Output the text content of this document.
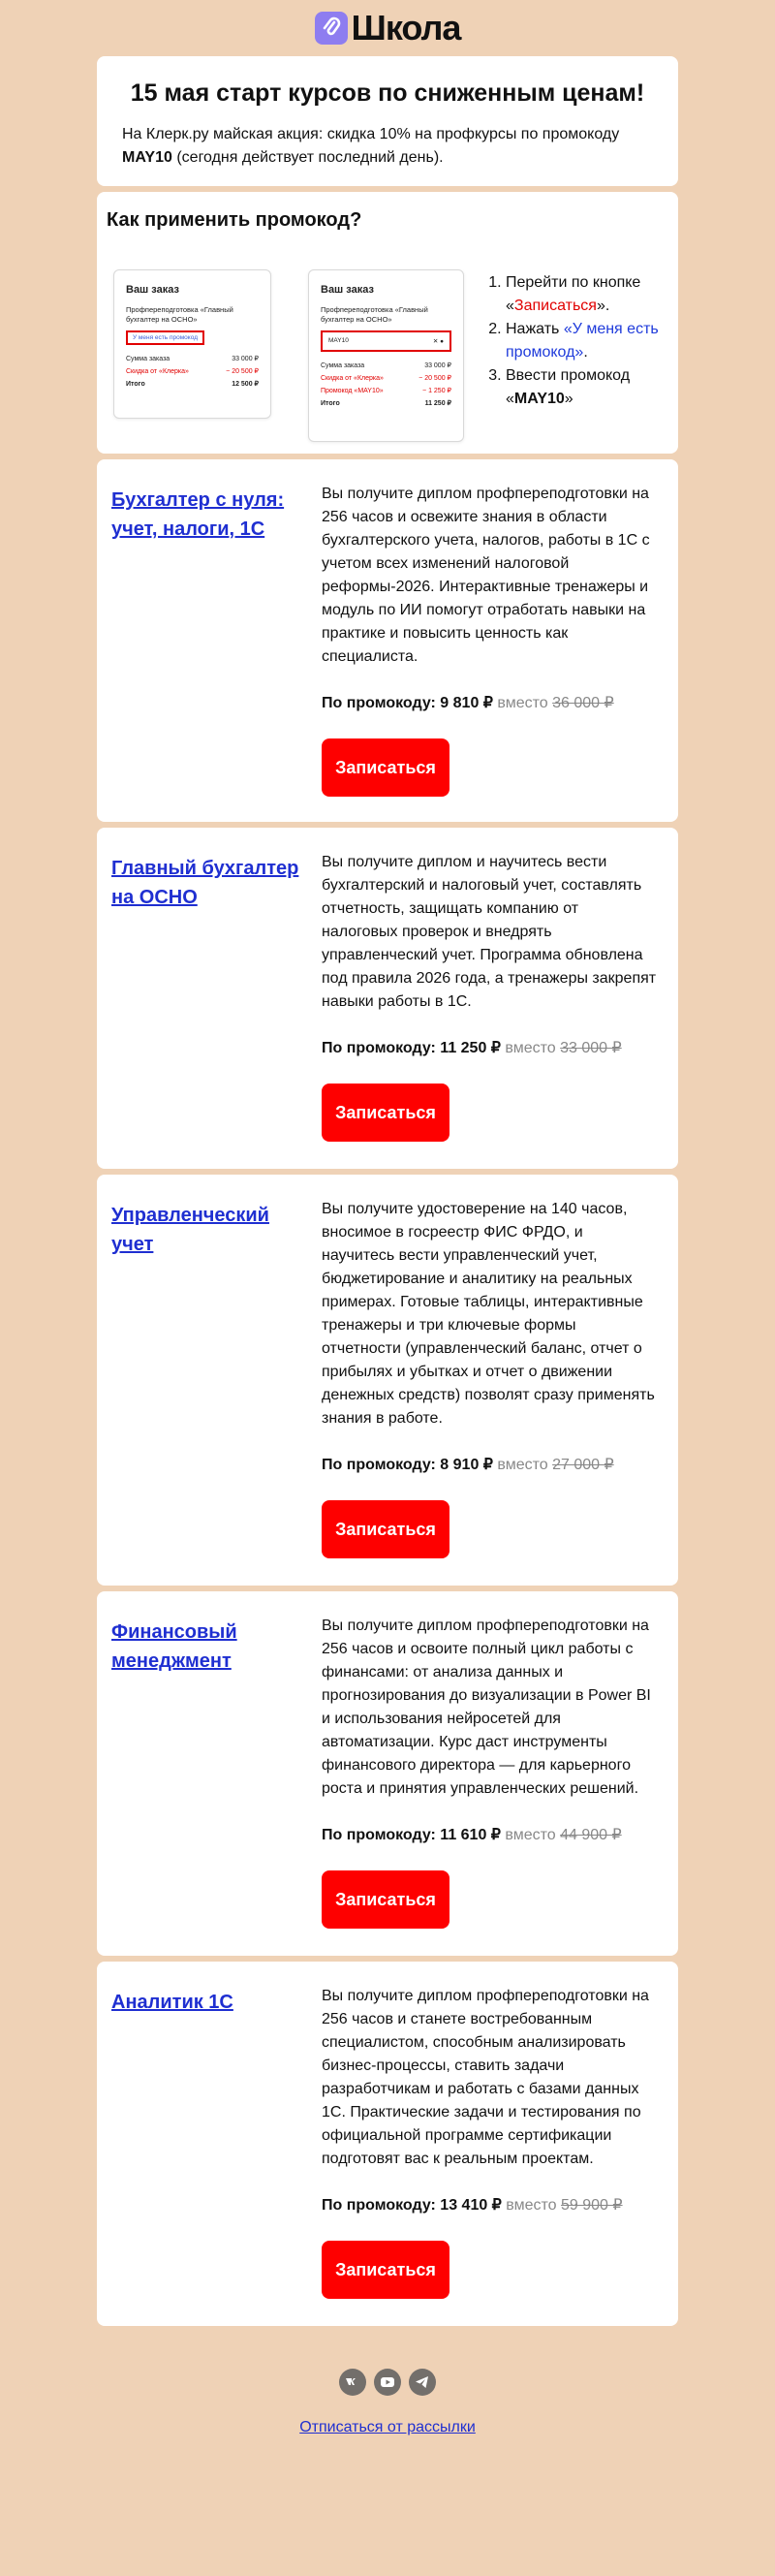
Школа
15 мая старт курсов по сниженным ценам!

На Клерк.ру майская акция: скидка 10% на профкурсы по промокоду MAY10 (сегодня действует последний день).

Как применить промокод?
Ваш заказ
Профпереподготовка «Главный бухгалтер на ОСНО»
У меня есть промокод
Сумма заказа	33 000 ₽
Скидка от «Клерка»	− 20 500 ₽
Итого	12 500 ₽
Ваш заказ
Профпереподготовка «Главный бухгалтер на ОСНО»
MAY10	✕ ●
Сумма заказа	33 000 ₽
Скидка от «Клерка»	− 20 500 ₽
Промокод «MAY10»	− 1 250 ₽
Итого	11 250 ₽
1. Перейти по кнопке «Записаться».
2. Нажать «У меня есть промокод».
3. Ввести промокод «MAY10»
Бухгалтер с нуля: учет, налоги, 1С

Вы получите диплом профпереподготовки на 256 часов и освежите знания в области бухгалтерского учета, налогов, работы в 1С с учетом всех изменений налоговой реформы-2026. Интерактивные тренажеры и модуль по ИИ помогут отработать навыки на практике и повысить ценность как специалиста.

По промокоду: 9 810 ₽ вместо 36 000 ₽

Записаться
Главный бухгалтер на ОСНО

Вы получите диплом и научитесь вести бухгалтерский и налоговый учет, составлять отчетность, защищать компанию от налоговых проверок и внедрять управленческий учет. Программа обновлена под правила 2026 года, а тренажеры закрепят навыки работы в 1С.

По промокоду: 11 250 ₽ вместо 33 000 ₽

Записаться
Управленческий учет

Вы получите удостоверение на 140 часов, вносимое в госреестр ФИС ФРДО, и научитесь вести управленческий учет, бюджетирование и аналитику на реальных примерах. Готовые таблицы, интерактивные тренажеры и три ключевые формы отчетности (управленческий баланс, отчет о прибылях и убытках и отчет о движении денежных средств) позволят сразу применять знания в работе.

По промокоду: 8 910 ₽ вместо 27 000 ₽

Записаться
Финансовый менеджмент

Вы получите диплом профпереподготовки на 256 часов и освоите полный цикл работы с финансами: от анализа данных и прогнозирования до визуализации в Power BI и использования нейросетей для автоматизации. Курс даст инструменты финансового директора — для карьерного роста и принятия управленческих решений.

По промокоду: 11 610 ₽ вместо 44 900 ₽

Записаться
Аналитик 1С	Вы получите диплом профпереподготовки на 256 часов и станете востребованным специалистом, способным анализировать бизнес-процессы, ставить задачи разработчикам и работать с базами данных 1С. Практические задачи и тестирования по официальной программе сертификации подготовят вас к реальным проектам.

По промокоду: 13 410 ₽ вместо 59 900 ₽

Записаться
Отписаться от рассылки
